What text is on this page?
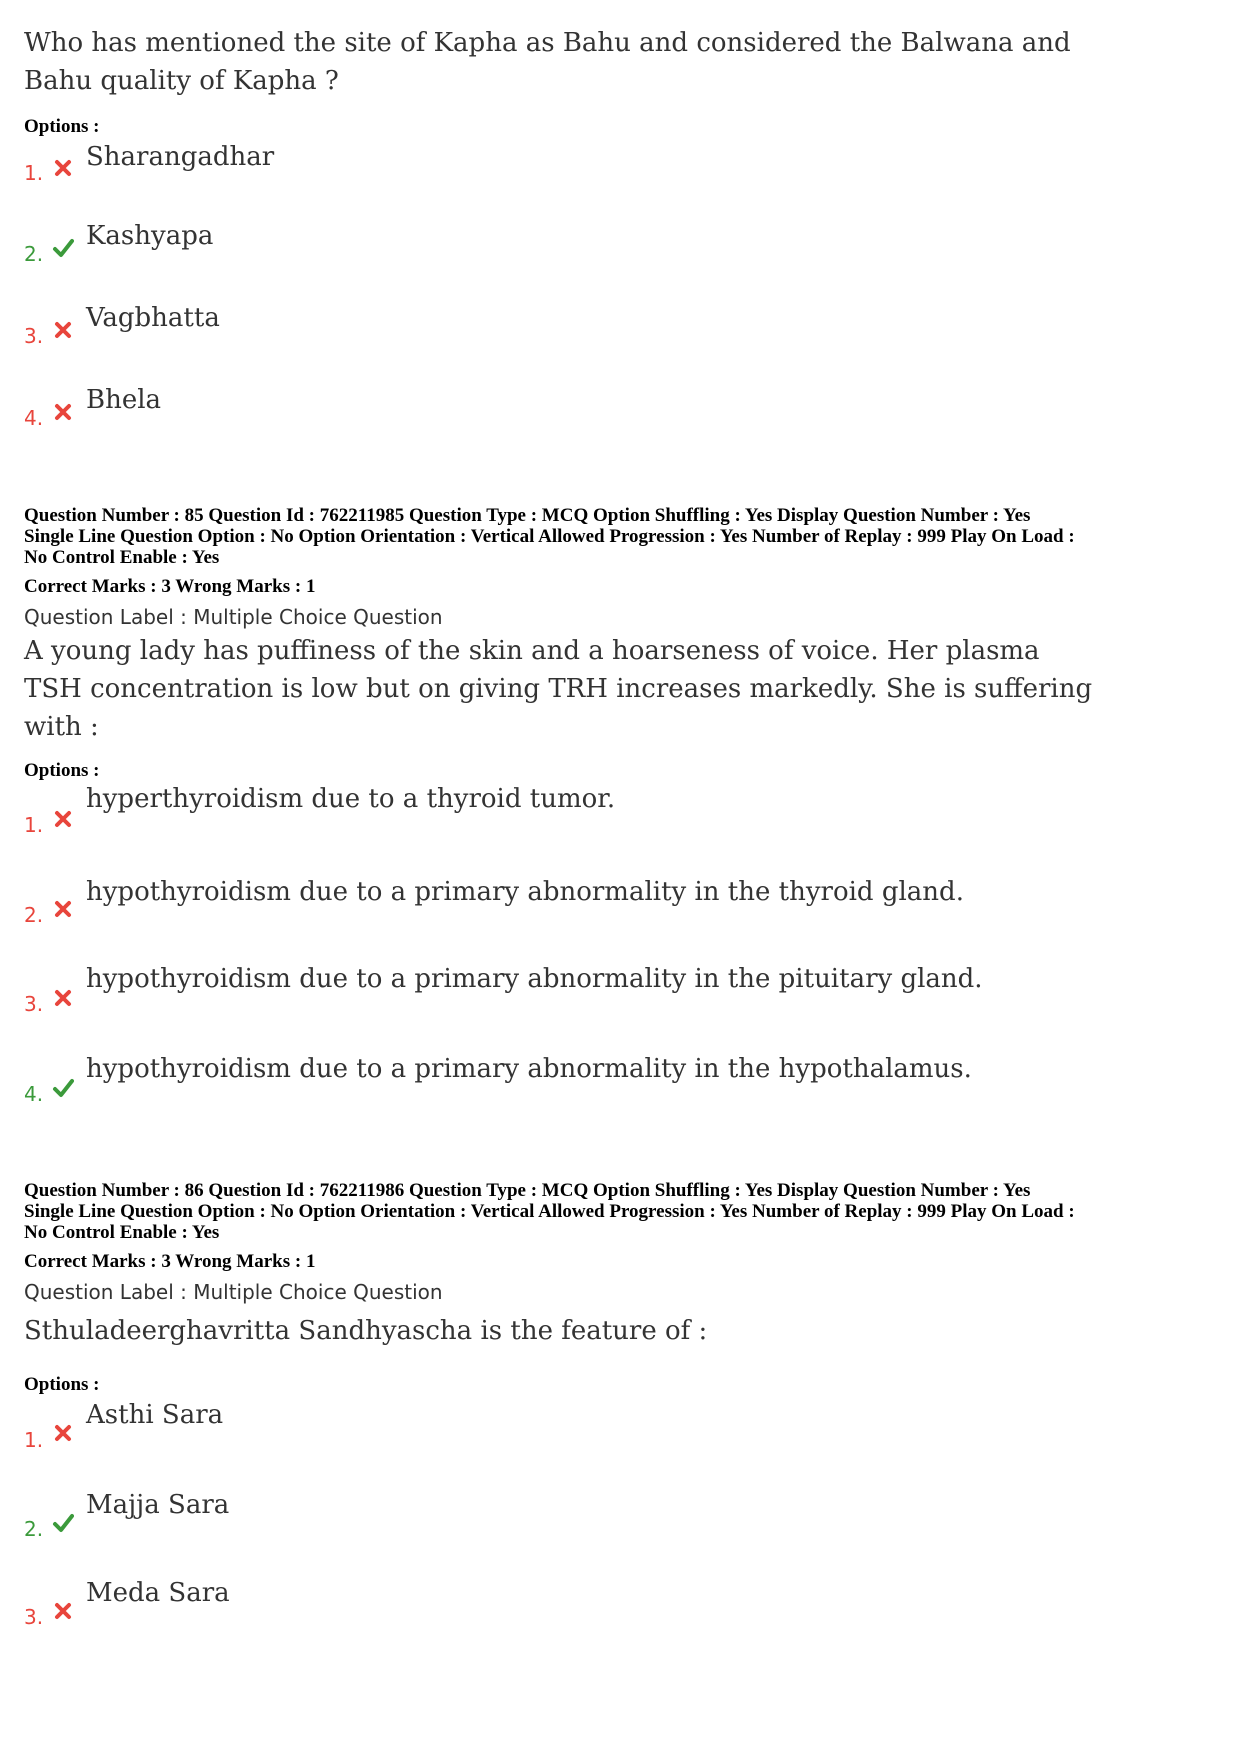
Who has mentioned the site of Kapha as Bahu and considered the Balwana and
Bahu quality of Kapha ?
Options :
1.
Sharangadhar
2.
Kashyapa
3.
Vagbhatta
4.
Bhela
Question Number : 85 Question Id : 762211985 Question Type : MCQ Option Shuffling : Yes Display Question Number : Yes
Single Line Question Option : No Option Orientation : Vertical Allowed Progression : Yes Number of Replay : 999 Play On Load :
No Control Enable : Yes
Correct Marks : 3 Wrong Marks : 1
Question Label : Multiple Choice Question
A young lady has puffiness of the skin and a hoarseness of voice. Her plasma
TSH concentration is low but on giving TRH increases markedly. She is suffering
with :
Options :
1.
hyperthyroidism due to a thyroid tumor.
2.
hypothyroidism due to a primary abnormality in the thyroid gland.
3.
hypothyroidism due to a primary abnormality in the pituitary gland.
4.
hypothyroidism due to a primary abnormality in the hypothalamus.
Question Number : 86 Question Id : 762211986 Question Type : MCQ Option Shuffling : Yes Display Question Number : Yes
Single Line Question Option : No Option Orientation : Vertical Allowed Progression : Yes Number of Replay : 999 Play On Load :
No Control Enable : Yes
Correct Marks : 3 Wrong Marks : 1
Question Label : Multiple Choice Question
Sthuladeerghavritta Sandhyascha is the feature of :
Options :
1.
Asthi Sara
2.
Majja Sara
3.
Meda Sara
